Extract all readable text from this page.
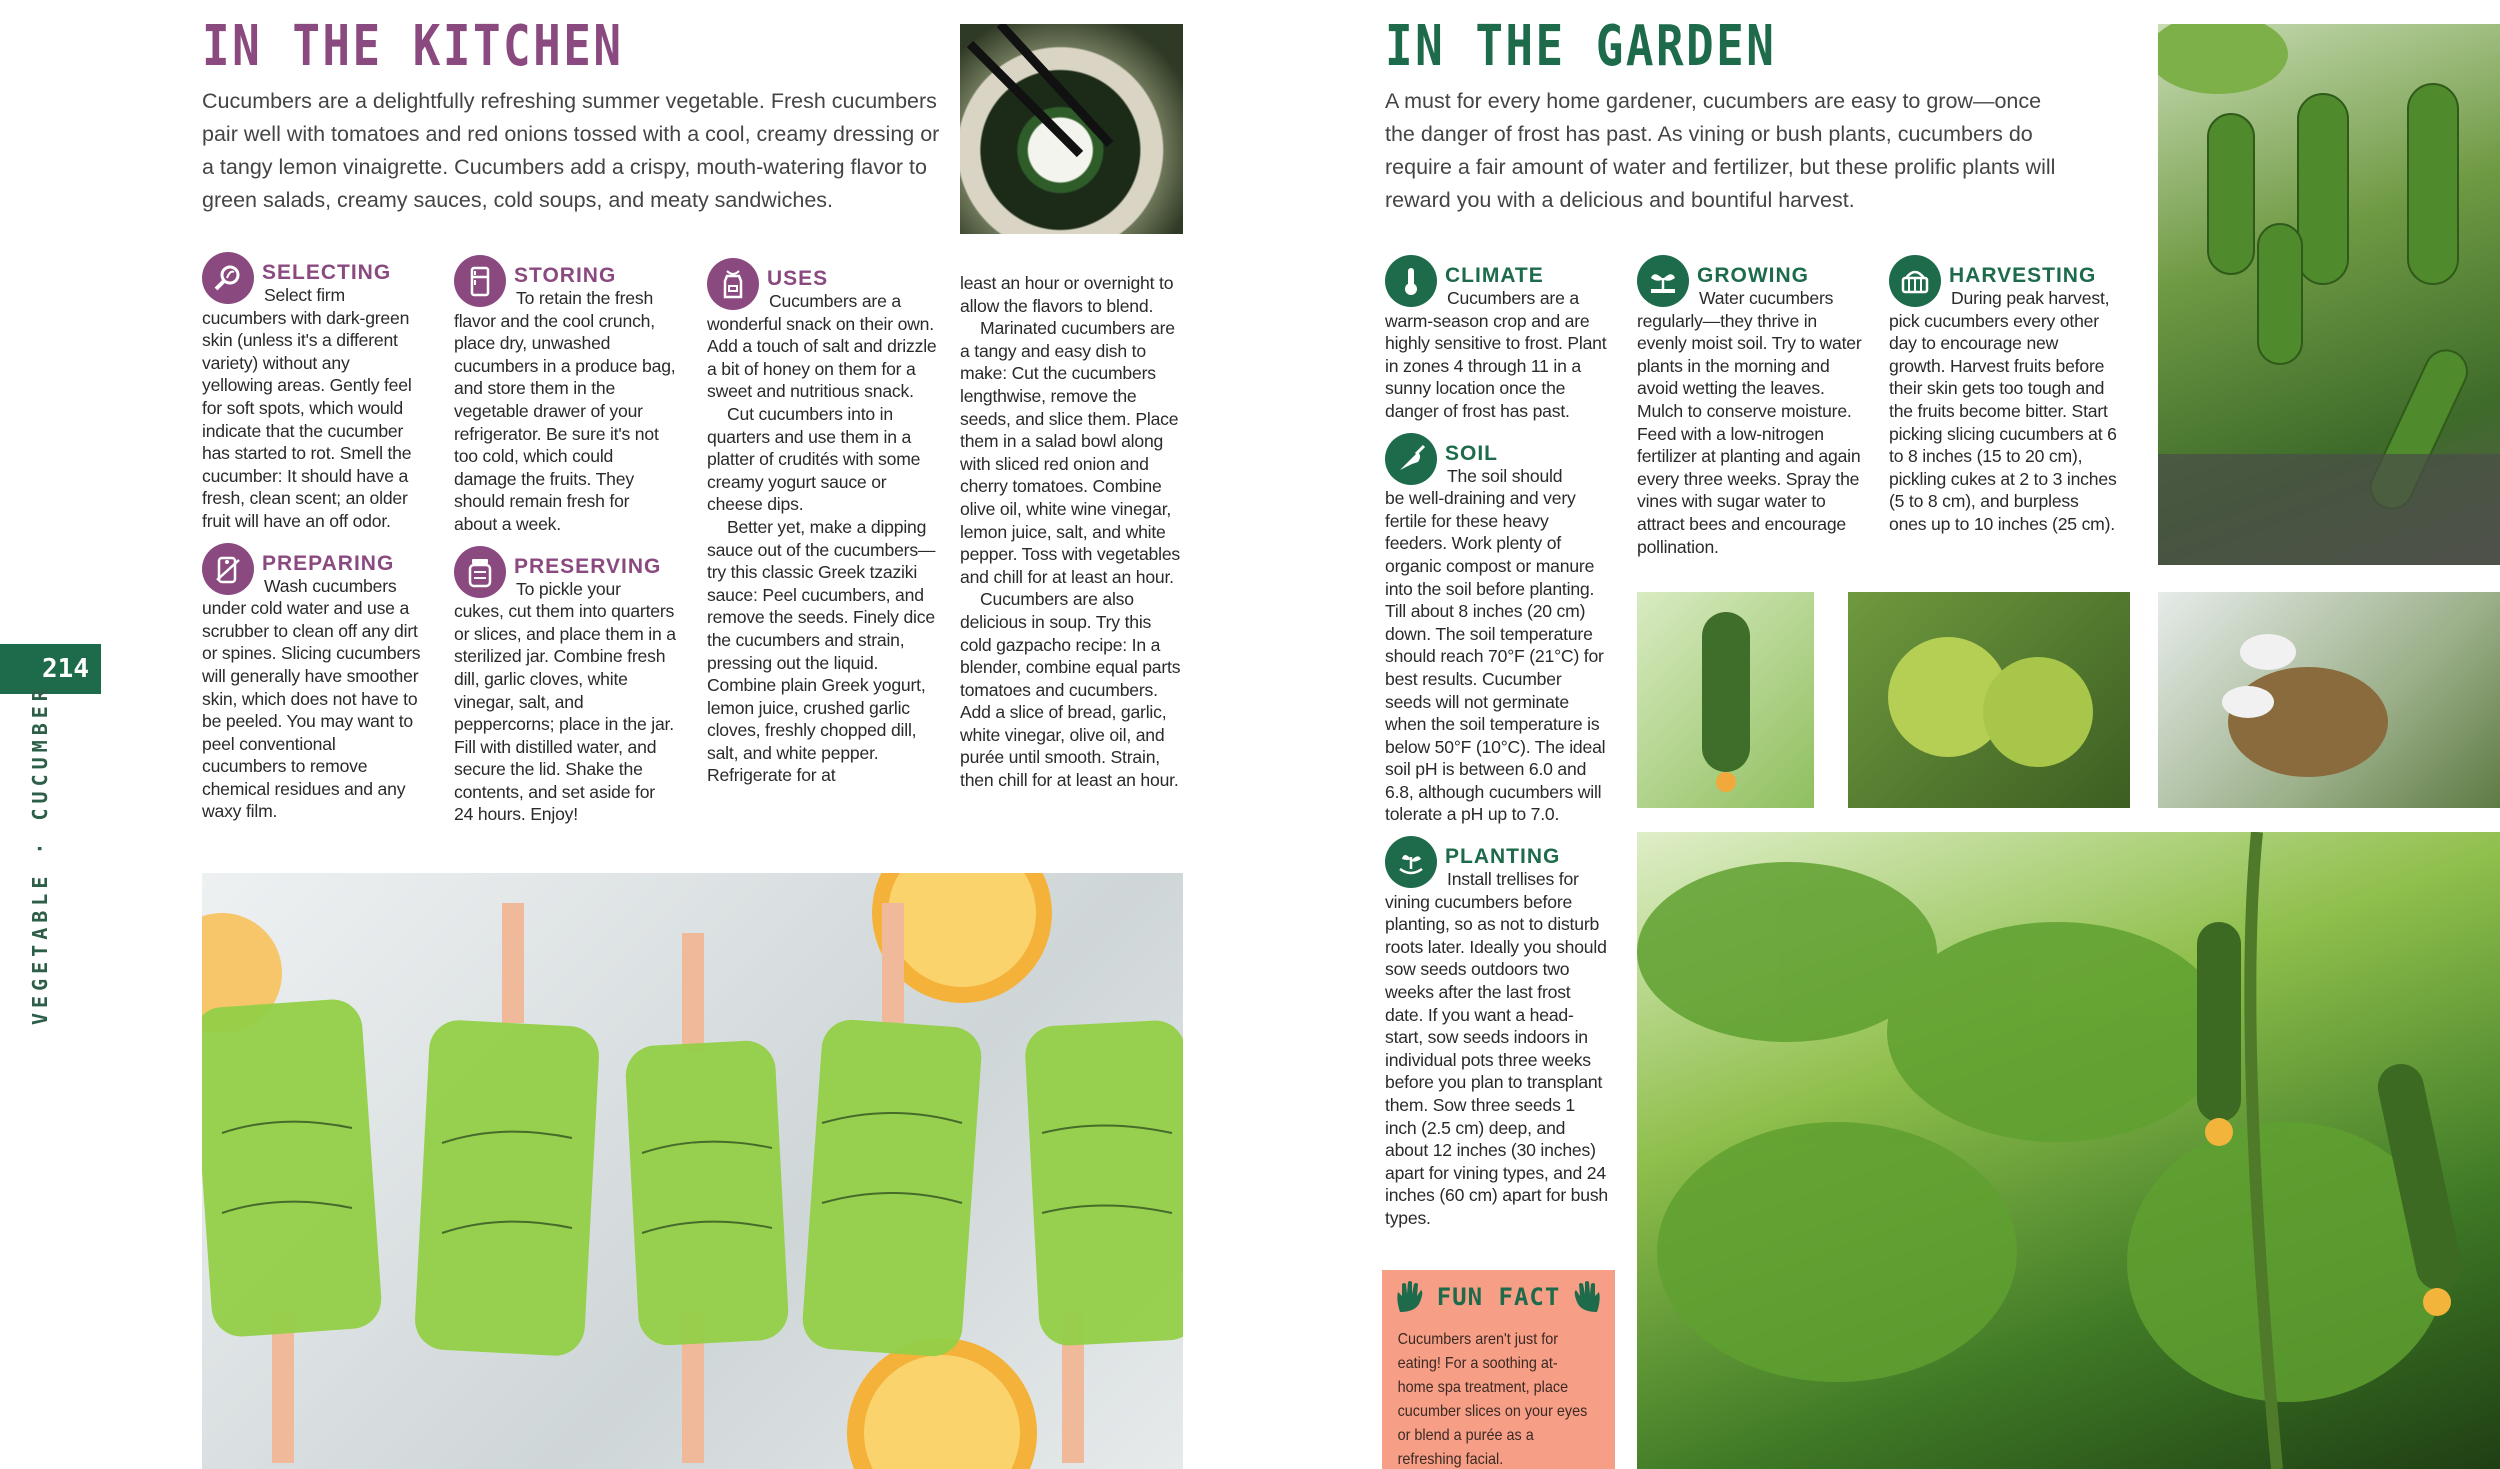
IN THE KITCHEN
Cucumbers are a delightfully refreshing summer vegetable. Fresh cucumbers pair well with tomatoes and red onions tossed with a cool, creamy dressing or a tangy lemon vinaigrette. Cucumbers add a crispy, mouth-watering flavor to green salads, creamy sauces, cold soups, and meaty sandwiches.
214
VEGETABLE · CUCUMBER
SELECTING
Select firm
cucumbers with dark-green skin (unless it's a different variety) without any yellowing areas. Gently feel for soft spots, which would indicate that the cucumber has started to rot. Smell the cucumber: It should have a fresh, clean scent; an older fruit will have an off odor.
PREPARING
Wash cucumbers
under cold water and use a scrubber to clean off any dirt or spines. Slicing cucumbers will generally have smoother skin, which does not have to be peeled. You may want to peel conventional cucumbers to remove chemical residues and any waxy film.
STORING
To retain the fresh
flavor and the cool crunch, place dry, unwashed cucumbers in a produce bag, and store them in the vegetable drawer of your refrigerator. Be sure it's not too cold, which could damage the fruits. They should remain fresh for about a week.
PRESERVING
To pickle your
cukes, cut them into quarters or slices, and place them in a sterilized jar. Combine fresh dill, garlic cloves, white vinegar, salt, and peppercorns; place in the jar. Fill with distilled water, and secure the lid. Shake the contents, and set aside for 24 hours. Enjoy!
USES
Cucumbers are a

wonderful snack on their own. Add a touch of salt and drizzle a bit of honey on them for a sweet and nutritious snack.

Cut cucumbers into in quarters and use them in a platter of crudités with some creamy yogurt sauce or cheese dips.

Better yet, make a dipping sauce out of the cucumbers—try this classic Greek tzaziki sauce: Peel cucumbers, and remove the seeds. Finely dice the cucumbers and strain, pressing out the liquid. Combine plain Greek yogurt, lemon juice, crushed garlic cloves, freshly chopped dill, salt, and white pepper. Refrigerate for at

least an hour or overnight to allow the flavors to blend.

Marinated cucumbers are a tangy and easy dish to make: Cut the cucumbers lengthwise, remove the seeds, and slice them. Place them in a salad bowl along with sliced red onion and cherry tomatoes. Combine olive oil, white wine vinegar, lemon juice, salt, and white pepper. Toss with vegetables and chill for at least an hour.

Cucumbers are also delicious in soup. Try this cold gazpacho recipe: In a blender, combine equal parts tomatoes and cucumbers. Add a slice of bread, garlic, white vinegar, olive oil, and purée until smooth. Strain, then chill for at least an hour.

IN THE GARDEN
A must for every home gardener, cucumbers are easy to grow—once the danger of frost has past. As vining or bush plants, cucumbers do require a fair amount of water and fertilizer, but these prolific plants will reward you with a delicious and bountiful harvest.
CLIMATE
Cucumbers are a
warm-season crop and are highly sensitive to frost. Plant in zones 4 through 11 in a sunny location once the danger of frost has past.
SOIL
The soil should
be well-draining and very fertile for these heavy feeders. Work plenty of organic compost or manure into the soil before planting. Till about 8 inches (20 cm) down. The soil temperature should reach 70°F (21°C) for best results. Cucumber seeds will not germinate when the soil temperature is below 50°F (10°C). The ideal soil pH is between 6.0 and 6.8, although cucumbers will tolerate a pH up to 7.0.
PLANTING
Install trellises for
vining cucumbers before planting, so as not to disturb roots later. Ideally you should sow seeds outdoors two weeks after the last frost date. If you want a head-start, sow seeds indoors in individual pots three weeks before you plan to transplant them. Sow three seeds 1 inch (2.5 cm) deep, and about 12 inches (30 inches) apart for vining types, and 24 inches (60 cm) apart for bush types.
GROWING
Water cucumbers
regularly—they thrive in evenly moist soil. Try to water plants in the morning and avoid wetting the leaves. Mulch to conserve moisture. Feed with a low-nitrogen fertilizer at planting and again every three weeks. Spray the vines with sugar water to attract bees and encourage pollination.
HARVESTING
During peak harvest,
pick cucumbers every other day to encourage new growth. Harvest fruits before their skin gets too tough and the fruits become bitter. Start picking slicing cucumbers at 6 to 8 inches (15 to 20 cm), pickling cukes at 2 to 3 inches (5 to 8 cm), and burpless ones up to 10 inches (25 cm).
FUN FACT
Cucumbers aren't just for eating! For a soothing at-home spa treatment, place cucumber slices on your eyes or blend a purée as a refreshing facial.
